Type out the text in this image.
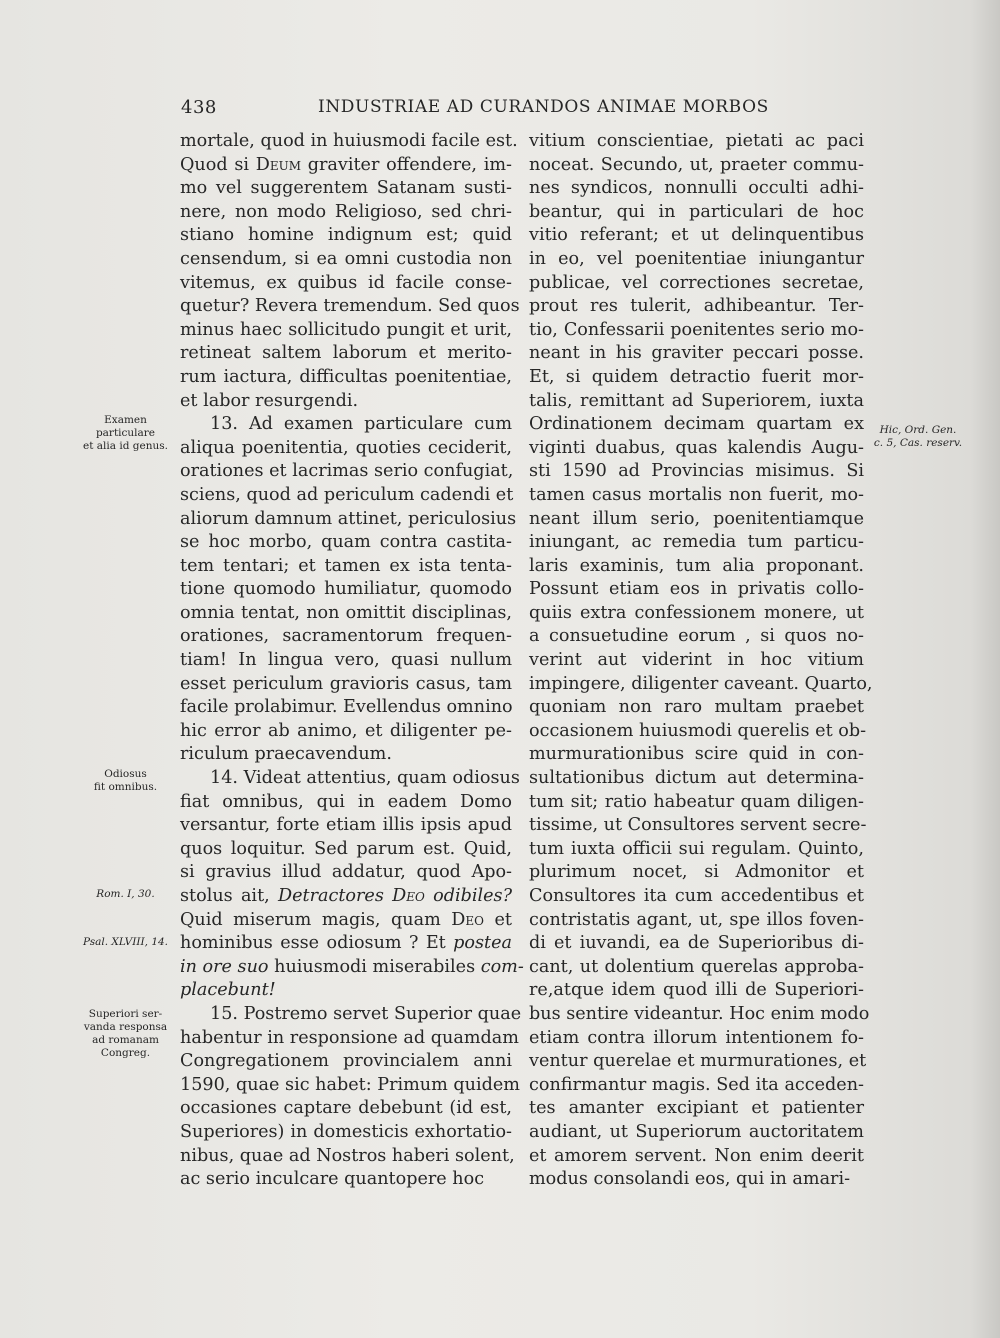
438	INDUSTRIAE AD CURANDOS ANIMAE MORBOS
mortale, quod in huiusmodi facile est.
Quod si Deum graviter offendere, im-
mo vel suggerentem Satanam susti-
nere, non modo Religioso, sed chri-
stiano homine indignum est; quid
censendum, si ea omni custodia non
vitemus, ex quibus id facile conse-
quetur? Revera tremendum. Sed quos
minus haec sollicitudo pungit et urit,
retineat saltem laborum et merito-
rum iactura, difficultas poenitentiae,
et labor resurgendi.
13. Ad examen particulare cum
aliqua poenitentia, quoties ceciderit,
orationes et lacrimas serio confugiat,
sciens, quod ad periculum cadendi et
aliorum damnum attinet, periculosius
se hoc morbo, quam contra castita-
tem tentari; et tamen ex ista tenta-
tione quomodo humiliatur, quomodo
omnia tentat, non omittit disciplinas,
orationes, sacramentorum frequen-
tiam! In lingua vero, quasi nullum
esset periculum gravioris casus, tam
facile prolabimur. Evellendus omnino
hic error ab animo, et diligenter pe-
riculum praecavendum.
14. Videat attentius, quam odiosus
fiat omnibus, qui in eadem Domo
versantur, forte etiam illis ipsis apud
quos loquitur. Sed parum est. Quid,
si gravius illud addatur, quod Apo-
stolus ait, Detractores Deo odibiles?
Quid miserum magis, quam Deo et
hominibus esse odiosum ? Et postea
in ore suo huiusmodi miserabiles com-
placebunt!
15. Postremo servet Superior quae
habentur in responsione ad quamdam
Congregationem provincialem anni
1590, quae sic habet: Primum quidem
occasiones captare debebunt (id est,
Superiores) in domesticis exhortatio-
nibus, quae ad Nostros haberi solent,
ac serio inculcare quantopere hoc
vitium conscientiae, pietati ac paci
noceat. Secundo, ut, praeter commu-
nes syndicos, nonnulli occulti adhi-
beantur, qui in particulari de hoc
vitio referant; et ut delinquentibus
in eo, vel poenitentiae iniungantur
publicae, vel correctiones secretae,
prout res tulerit, adhibeantur. Ter-
tio, Confessarii poenitentes serio mo-
neant in his graviter peccari posse.
Et, si quidem detractio fuerit mor-
talis, remittant ad Superiorem, iuxta
Ordinationem decimam quartam ex
viginti duabus, quas kalendis Augu-
sti 1590 ad Provincias misimus. Si
tamen casus mortalis non fuerit, mo-
neant illum serio, poenitentiamque
iniungant, ac remedia tum particu-
laris examinis, tum alia proponant.
Possunt etiam eos in privatis collo-
quiis extra confessionem monere, ut
a consuetudine eorum , si quos no-
verint aut viderint in hoc vitium
impingere, diligenter caveant. Quarto,
quoniam non raro multam praebet
occasionem huiusmodi querelis et ob-
murmurationibus scire quid in con-
sultationibus dictum aut determina-
tum sit; ratio habeatur quam diligen-
tissime, ut Consultores servent secre-
tum iuxta officii sui regulam. Quinto,
plurimum nocet, si Admonitor et
Consultores ita cum accedentibus et
contristatis agant, ut, spe illos foven-
di et iuvandi, ea de Superioribus di-
cant, ut dolentium querelas approba-
re,atque idem quod illi de Superiori-
bus sentire videantur. Hoc enim modo
etiam contra illorum intentionem fo-
ventur querelae et murmurationes, et
confirmantur magis. Sed ita acceden-
tes amanter excipiant et patienter
audiant, ut Superiorum auctoritatem
et amorem servent. Non enim deerit
modus consolandi eos, qui in amari-
Examen
particulare
et alia id genus.
Odiosus
fit omnibus.
Rom. I, 30.
Psal. XLVIII, 14.
Superiori ser-
vanda responsa
ad romanam
Congreg.
Hic, Ord. Gen.
c. 5, Cas. reserv.
